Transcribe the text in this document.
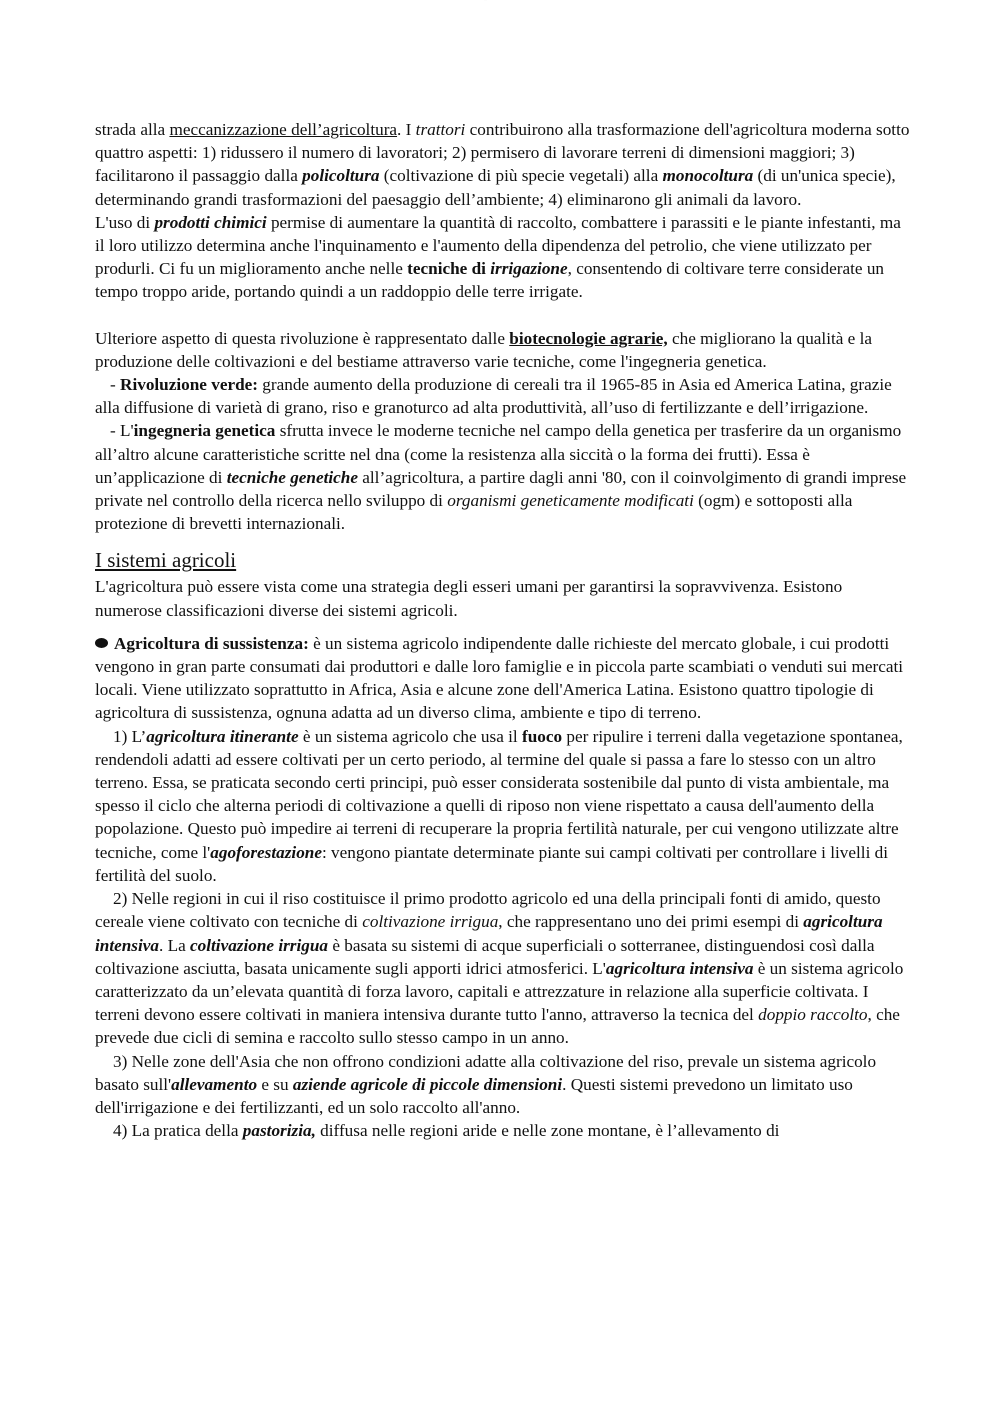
· · ·

strada alla meccanizzazione dell’agricoltura. I trattori contribuirono alla trasformazione dell'agricoltura moderna sotto quattro aspetti: 1) ridussero il numero di lavoratori; 2) permisero di lavorare terreni di dimensioni maggiori; 3) facilitarono il passaggio dalla policoltura (coltivazione di più specie vegetali) alla monocoltura (di un'unica specie), determinando grandi trasformazioni del paesaggio dell’ambiente; 4) eliminarono gli animali da lavoro.

L'uso di prodotti chimici permise di aumentare la quantità di raccolto, combattere i parassiti e le piante infestanti, ma il loro utilizzo determina anche l'inquinamento e l'aumento della dipendenza del petrolio, che viene utilizzato per produrli. Ci fu un miglioramento anche nelle tecniche di irrigazione, consentendo di coltivare terre considerate un tempo troppo aride, portando quindi a un raddoppio delle terre irrigate.

Ulteriore aspetto di questa rivoluzione è rappresentato dalle biotecnologie agrarie, che migliorano la qualità e la produzione delle coltivazioni e del bestiame attraverso varie tecniche, come l'ingegneria genetica.

- Rivoluzione verde: grande aumento della produzione di cereali tra il 1965-85 in Asia ed America Latina, grazie alla diffusione di varietà di grano, riso e granoturco ad alta produttività, all’uso di fertilizzante e dell’irrigazione.

- L'ingegneria genetica sfrutta invece le moderne tecniche nel campo della genetica per trasferire da un organismo all’altro alcune caratteristiche scritte nel dna (come la resistenza alla siccità o la forma dei frutti). Essa è un’applicazione di tecniche genetiche all’agricoltura, a partire dagli anni '80, con il coinvolgimento di grandi imprese private nel controllo della ricerca nello sviluppo di organismi geneticamente modificati (ogm) e sottoposti alla protezione di brevetti internazionali.

I sistemi agricoli

L'agricoltura può essere vista come una strategia degli esseri umani per garantirsi la sopravvivenza. Esistono numerose classificazioni diverse dei sistemi agricoli.

Agricoltura di sussistenza: è un sistema agricolo indipendente dalle richieste del mercato globale, i cui prodotti vengono in gran parte consumati dai produttori e dalle loro famiglie e in piccola parte scambiati o venduti sui mercati locali. Viene utilizzato soprattutto in Africa, Asia e alcune zone dell'America Latina. Esistono quattro tipologie di agricoltura di sussistenza, ognuna adatta ad un diverso clima, ambiente e tipo di terreno.

1) L’agricoltura itinerante è un sistema agricolo che usa il fuoco per ripulire i terreni dalla vegetazione spontanea, rendendoli adatti ad essere coltivati per un certo periodo, al termine del quale si passa a fare lo stesso con un altro terreno. Essa, se praticata secondo certi principi, può esser considerata sostenibile dal punto di vista ambientale, ma spesso il ciclo che alterna periodi di coltivazione a quelli di riposo non viene rispettato a causa dell'aumento della popolazione. Questo può impedire ai terreni di recuperare la propria fertilità naturale, per cui vengono utilizzate altre tecniche, come l'agoforestazione: vengono piantate determinate piante sui campi coltivati per controllare i livelli di fertilità del suolo.

2) Nelle regioni in cui il riso costituisce il primo prodotto agricolo ed una della principali fonti di amido, questo cereale viene coltivato con tecniche di coltivazione irrigua, che rappresentano uno dei primi esempi di agricoltura intensiva. La coltivazione irrigua è basata su sistemi di acque superficiali o sotterranee, distinguendosi così dalla coltivazione asciutta, basata unicamente sugli apporti idrici atmosferici. L'agricoltura intensiva è un sistema agricolo caratterizzato da un’elevata quantità di forza lavoro, capitali e attrezzature in relazione alla superficie coltivata. I terreni devono essere coltivati in maniera intensiva durante tutto l'anno, attraverso la tecnica del doppio raccolto, che prevede due cicli di semina e raccolto sullo stesso campo in un anno.

3) Nelle zone dell'Asia che non offrono condizioni adatte alla coltivazione del riso, prevale un sistema agricolo basato sull'allevamento e su aziende agricole di piccole dimensioni. Questi sistemi prevedono un limitato uso dell'irrigazione e dei fertilizzanti, ed un solo raccolto all'anno.

4) La pratica della pastorizia, diffusa nelle regioni aride e nelle zone montane, è l’allevamento di
